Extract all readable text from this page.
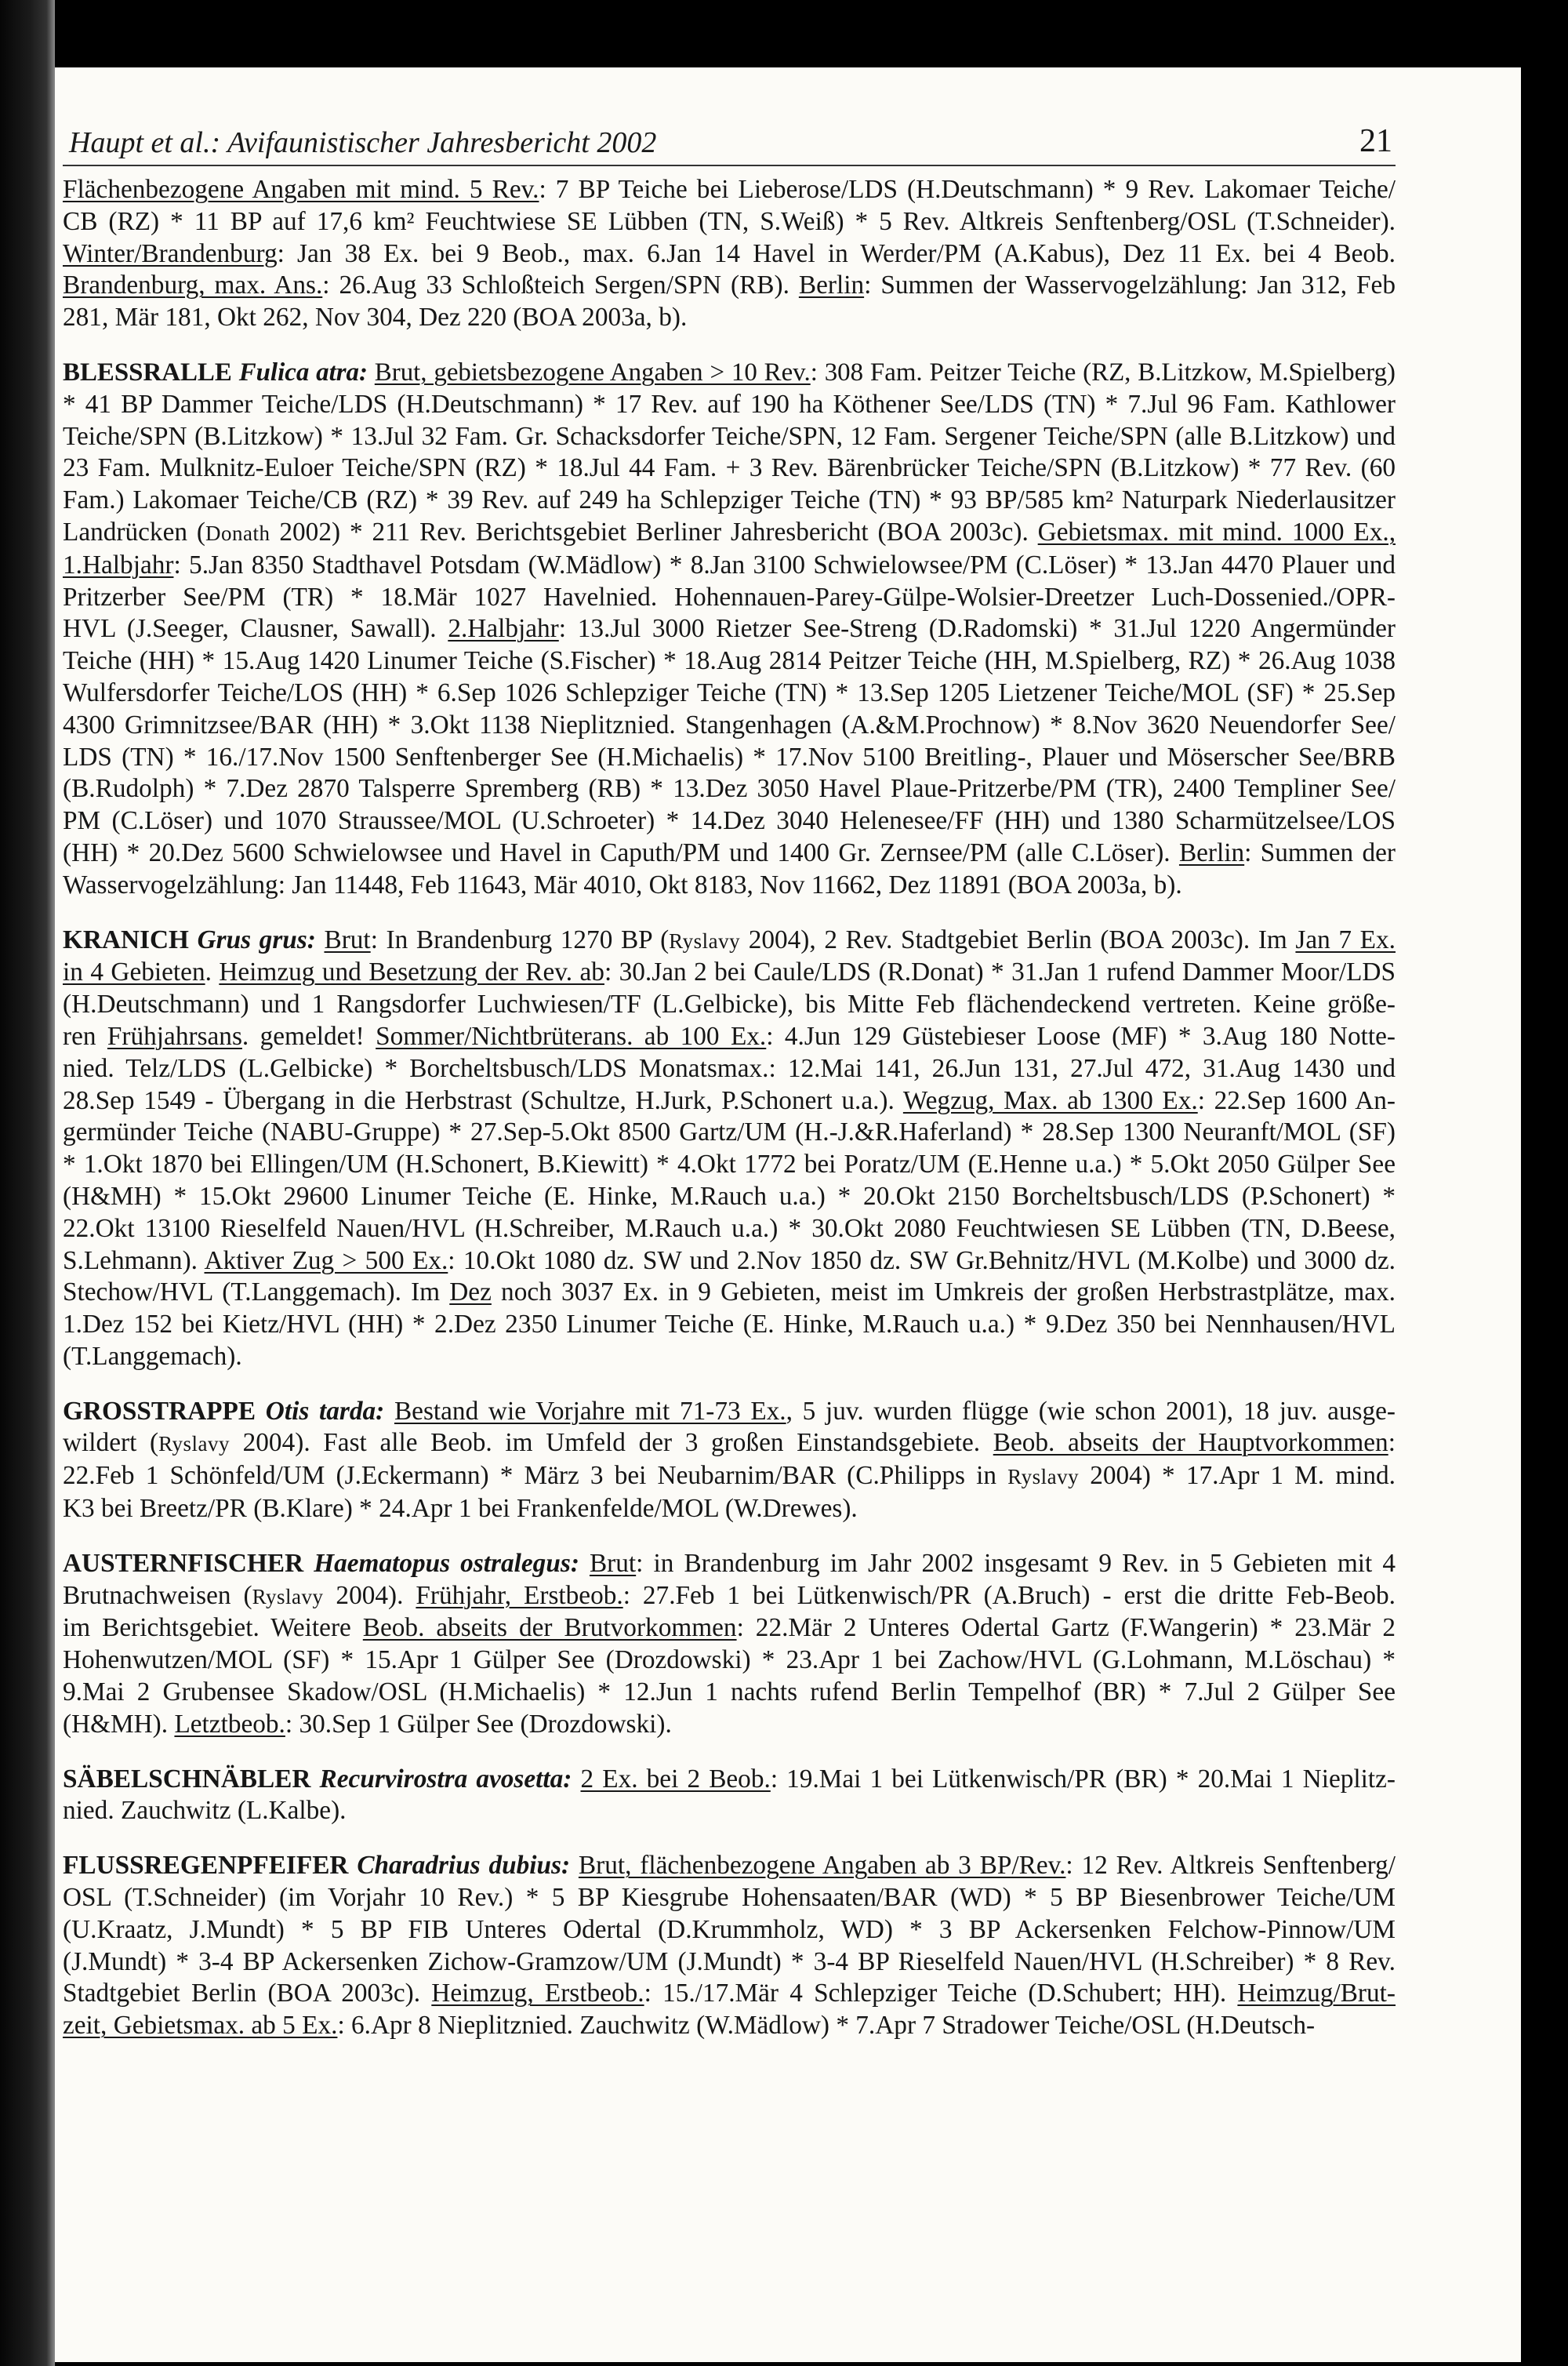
Haupt et al.: Avifaunistischer Jahresbericht 2002	21

Flächenbezogene Angaben mit mind. 5 Rev.: 7 BP Teiche bei Lieberose/LDS (H.Deutschmann) * 9 Rev. Lakomaer Teiche/
CB (RZ) * 11 BP auf 17,6 km² Feuchtwiese SE Lübben (TN, S.Weiß) * 5 Rev. Altkreis Senftenberg/OSL (T.Schneider).
Winter/Brandenburg: Jan 38 Ex. bei 9 Beob., max. 6.Jan 14 Havel in Werder/PM (A.Kabus), Dez 11 Ex. bei 4 Beob.
Brandenburg, max. Ans.: 26.Aug 33 Schloßteich Sergen/SPN (RB). Berlin: Summen der Wasservogelzählung: Jan 312, Feb
281, Mär 181, Okt 262, Nov 304, Dez 220 (BOA 2003a, b).

BLESSRALLE Fulica atra: Brut, gebietsbezogene Angaben > 10 Rev.: 308 Fam. Peitzer Teiche (RZ, B.Litzkow, M.Spielberg)
* 41 BP Dammer Teiche/LDS (H.Deutschmann) * 17 Rev. auf 190 ha Köthener See/LDS (TN) * 7.Jul 96 Fam. Kathlower
Teiche/SPN (B.Litzkow) * 13.Jul 32 Fam. Gr. Schacksdorfer Teiche/SPN, 12 Fam. Sergener Teiche/SPN (alle B.Litzkow) und
23 Fam. Mulknitz-Euloer Teiche/SPN (RZ) * 18.Jul 44 Fam. + 3 Rev. Bärenbrücker Teiche/SPN (B.Litzkow) * 77 Rev. (60
Fam.) Lakomaer Teiche/CB (RZ) * 39 Rev. auf 249 ha Schlepziger Teiche (TN) * 93 BP/585 km² Naturpark Niederlausitzer
Landrücken (Donath 2002) * 211 Rev. Berichtsgebiet Berliner Jahresbericht (BOA 2003c). Gebietsmax. mit mind. 1000 Ex.,
1.Halbjahr: 5.Jan 8350 Stadthavel Potsdam (W.Mädlow) * 8.Jan 3100 Schwielowsee/PM (C.Löser) * 13.Jan 4470 Plauer und
Pritzerber See/PM (TR) * 18.Mär 1027 Havelnied. Hohennauen-Parey-Gülpe-Wolsier-Dreetzer Luch-Dossenied./OPR-
HVL (J.Seeger, Clausner, Sawall). 2.Halbjahr: 13.Jul 3000 Rietzer See-Streng (D.Radomski) * 31.Jul 1220 Angermünder
Teiche (HH) * 15.Aug 1420 Linumer Teiche (S.Fischer) * 18.Aug 2814 Peitzer Teiche (HH, M.Spielberg, RZ) * 26.Aug 1038
Wulfersdorfer Teiche/LOS (HH) * 6.Sep 1026 Schlepziger Teiche (TN) * 13.Sep 1205 Lietzener Teiche/MOL (SF) * 25.Sep
4300 Grimnitzsee/BAR (HH) * 3.Okt 1138 Nieplitznied. Stangenhagen (A.&M.Prochnow) * 8.Nov 3620 Neuendorfer See/
LDS (TN) * 16./17.Nov 1500 Senftenberger See (H.Michaelis) * 17.Nov 5100 Breitling-, Plauer und Möserscher See/BRB
(B.Rudolph) * 7.Dez 2870 Talsperre Spremberg (RB) * 13.Dez 3050 Havel Plaue-Pritzerbe/PM (TR), 2400 Templiner See/
PM (C.Löser) und 1070 Straussee/MOL (U.Schroeter) * 14.Dez 3040 Helenesee/FF (HH) und 1380 Scharmützelsee/LOS
(HH) * 20.Dez 5600 Schwielowsee und Havel in Caputh/PM und 1400 Gr. Zernsee/PM (alle C.Löser). Berlin: Summen der
Wasservogelzählung: Jan 11448, Feb 11643, Mär 4010, Okt 8183, Nov 11662, Dez 11891 (BOA 2003a, b).

KRANICH Grus grus: Brut: In Brandenburg 1270 BP (Ryslavy 2004), 2 Rev. Stadtgebiet Berlin (BOA 2003c). Im Jan 7 Ex.
in 4 Gebieten. Heimzug und Besetzung der Rev. ab: 30.Jan 2 bei Caule/LDS (R.Donat) * 31.Jan 1 rufend Dammer Moor/LDS
(H.Deutschmann) und 1 Rangsdorfer Luchwiesen/TF (L.Gelbicke), bis Mitte Feb flächendeckend vertreten. Keine größe-
ren Frühjahrsans. gemeldet! Sommer/Nichtbrüterans. ab 100 Ex.: 4.Jun 129 Güstebieser Loose (MF) * 3.Aug 180 Notte-
nied. Telz/LDS (L.Gelbicke) * Borcheltsbusch/LDS Monatsmax.: 12.Mai 141, 26.Jun 131, 27.Jul 472, 31.Aug 1430 und
28.Sep 1549 - Übergang in die Herbstrast (Schultze, H.Jurk, P.Schonert u.a.). Wegzug, Max. ab 1300 Ex.: 22.Sep 1600 An-
germünder Teiche (NABU-Gruppe) * 27.Sep-5.Okt 8500 Gartz/UM (H.-J.&R.Haferland) * 28.Sep 1300 Neuranft/MOL (SF)
* 1.Okt 1870 bei Ellingen/UM (H.Schonert, B.Kiewitt) * 4.Okt 1772 bei Poratz/UM (E.Henne u.a.) * 5.Okt 2050 Gülper See
(H&MH) * 15.Okt 29600 Linumer Teiche (E. Hinke, M.Rauch u.a.) * 20.Okt 2150 Borcheltsbusch/LDS (P.Schonert) *
22.Okt 13100 Rieselfeld Nauen/HVL (H.Schreiber, M.Rauch u.a.) * 30.Okt 2080 Feuchtwiesen SE Lübben (TN, D.Beese,
S.Lehmann). Aktiver Zug > 500 Ex.: 10.Okt 1080 dz. SW und 2.Nov 1850 dz. SW Gr.Behnitz/HVL (M.Kolbe) und 3000 dz.
Stechow/HVL (T.Langgemach). Im Dez noch 3037 Ex. in 9 Gebieten, meist im Umkreis der großen Herbstrastplätze, max.
1.Dez 152 bei Kietz/HVL (HH) * 2.Dez 2350 Linumer Teiche (E. Hinke, M.Rauch u.a.) * 9.Dez 350 bei Nennhausen/HVL
(T.Langgemach).

GROSSTRAPPE Otis tarda: Bestand wie Vorjahre mit 71-73 Ex., 5 juv. wurden flügge (wie schon 2001), 18 juv. ausge-
wildert (Ryslavy 2004). Fast alle Beob. im Umfeld der 3 großen Einstandsgebiete. Beob. abseits der Hauptvorkommen:
22.Feb 1 Schönfeld/UM (J.Eckermann) * März 3 bei Neubarnim/BAR (C.Philipps in Ryslavy 2004) * 17.Apr 1 M. mind.
K3 bei Breetz/PR (B.Klare) * 24.Apr 1 bei Frankenfelde/MOL (W.Drewes).

AUSTERNFISCHER Haematopus ostralegus: Brut: in Brandenburg im Jahr 2002 insgesamt 9 Rev. in 5 Gebieten mit 4
Brutnachweisen (Ryslavy 2004). Frühjahr, Erstbeob.: 27.Feb 1 bei Lütkenwisch/PR (A.Bruch) - erst die dritte Feb-Beob.
im Berichtsgebiet. Weitere Beob. abseits der Brutvorkommen: 22.Mär 2 Unteres Odertal Gartz (F.Wangerin) * 23.Mär 2
Hohenwutzen/MOL (SF) * 15.Apr 1 Gülper See (Drozdowski) * 23.Apr 1 bei Zachow/HVL (G.Lohmann, M.Löschau) *
9.Mai 2 Grubensee Skadow/OSL (H.Michaelis) * 12.Jun 1 nachts rufend Berlin Tempelhof (BR) * 7.Jul 2 Gülper See
(H&MH). Letztbeob.: 30.Sep 1 Gülper See (Drozdowski).

SÄBELSCHNÄBLER Recurvirostra avosetta: 2 Ex. bei 2 Beob.: 19.Mai 1 bei Lütkenwisch/PR (BR) * 20.Mai 1 Nieplitz-
nied. Zauchwitz (L.Kalbe).

FLUSSREGENPFEIFER Charadrius dubius: Brut, flächenbezogene Angaben ab 3 BP/Rev.: 12 Rev. Altkreis Senftenberg/
OSL (T.Schneider) (im Vorjahr 10 Rev.) * 5 BP Kiesgrube Hohensaaten/BAR (WD) * 5 BP Biesenbrower Teiche/UM
(U.Kraatz, J.Mundt) * 5 BP FIB Unteres Odertal (D.Krummholz, WD) * 3 BP Ackersenken Felchow-Pinnow/UM
(J.Mundt) * 3-4 BP Ackersenken Zichow-Gramzow/UM (J.Mundt) * 3-4 BP Rieselfeld Nauen/HVL (H.Schreiber) * 8 Rev.
Stadtgebiet Berlin (BOA 2003c). Heimzug, Erstbeob.: 15./17.Mär 4 Schlepziger Teiche (D.Schubert; HH). Heimzug/Brut-
zeit, Gebietsmax. ab 5 Ex.: 6.Apr 8 Nieplitznied. Zauchwitz (W.Mädlow) * 7.Apr 7 Stradower Teiche/OSL (H.Deutsch-
